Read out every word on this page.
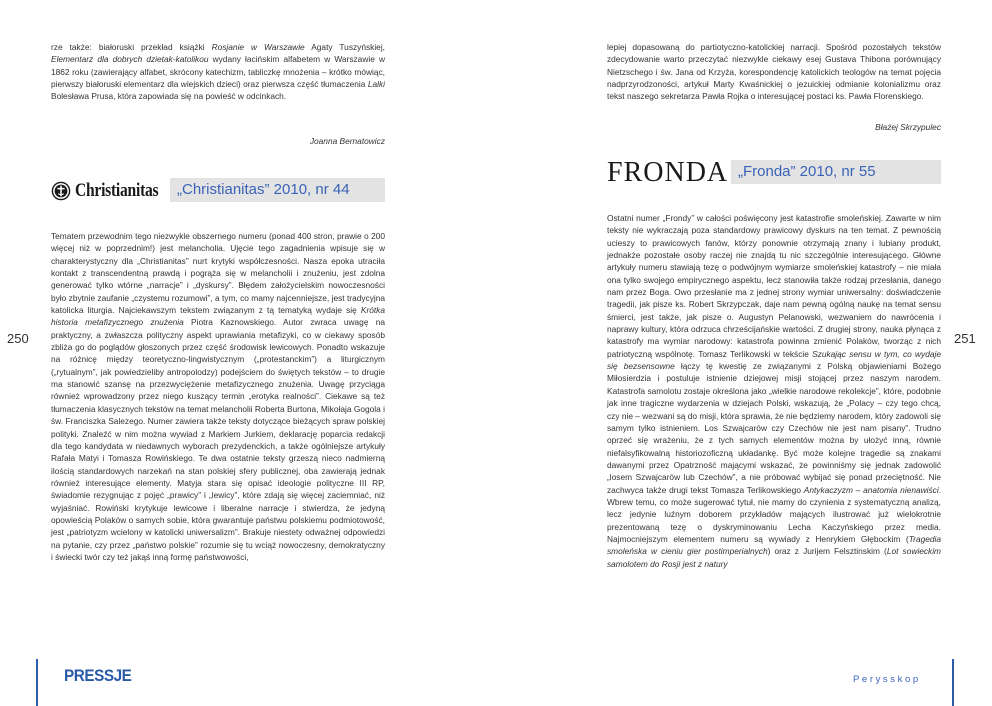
rze także: białoruski przekład książki Rosjanie w Warszawie Agaty Tuszyńskiej, Elementarz dla dobrych dzietak-katolikou wydany łacińskim alfabetem w Warszawie w 1862 roku (zawierający alfabet, skrócony katechizm, tabliczkę mnożenia – krótko mówiąc, pierwszy białoruski elementarz dla wiejskich dzieci) oraz pierwsza część tłumaczenia Lalki Bolesława Prusa, która zapowiada się na powieść w odcinkach.

Joanna Bernatowicz
Christianitas	„Christianitas” 2010, nr 44

Tematem przewodnim tego niezwykle obszernego numeru (ponad 400 stron, prawie o 200 więcej niż w poprzednim!) jest melancholia. Ujęcie tego zagadnienia wpisuje się w charakterystyczny dla „Christianitas” nurt krytyki współczesności. Nasza epoka utraciła kontakt z transcendentną prawdą i pogrąża się w melancholii i znużeniu, jest zdolna generować tylko wtórne „narracje” i „dyskursy”. Błędem założycielskim nowoczesności było zbytnie zaufanie „czystemu rozumowi”, a tym, co mamy najcenniejsze, jest tradycyjna katolicka liturgia. Najciekawszym tekstem związanym z tą tematyką wydaje się Krótka historia metafizycznego znużenia Piotra Kaznowskiego. Autor zwraca uwagę na praktyczny, a zwłaszcza polityczny aspekt uprawiania metafizyki, co w ciekawy sposób zbliża go do poglądów głoszonych przez część środowisk lewicowych. Ponadto wskazuje na różnicę między teoretyczno-lingwistycznym („protestanckim”) a liturgicznym („rytualnym”, jak powiedzieliby antropolodzy) podejściem do świętych tekstów – to drugie ma stanowić szansę na przezwyciężenie metafizycznego znużenia. Uwagę przyciąga również wprowadzony przez niego kuszący termin „erotyka realności”. Ciekawe są też tłumaczenia klasycznych tekstów na temat melancholii Roberta Burtona, Mikołaja Gogola i św. Franciszka Salezego. Numer zawiera także teksty dotyczące bieżących spraw polskiej polityki. Znaleźć w nim można wywiad z Markiem Jurkiem, deklarację poparcia redakcji dla tego kandydata w niedawnych wyborach prezydenckich, a także ogólniejsze artykuły Rafała Matyi i Tomasza Rowińskiego. Te dwa ostatnie teksty grzeszą nieco nadmierną ilością standardowych narzekań na stan polskiej sfery publicznej, oba zawierają jednak również interesujące elementy. Matyja stara się opisać ideologie polityczne III RP, świadomie rezygnując z pojęć „prawicy” i „lewicy”, które zdają się więcej zaciemniać, niż wyjaśniać. Rowiński krytykuje lewicowe i liberalne narracje i stwierdza, że jedyną opowieścią Polaków o samych sobie, która gwarantuje państwu polskiemu podmiotowość, jest „patriotyzm wcielony w katolicki uniwersalizm”. Brakuje niestety odważnej odpowiedzi na pytanie, czy przez „państwo polskie” rozumie się tu wciąż nowoczesny, demokratyczny i świecki twór czy też jakąś inną formę państwowości,

250
PRESSJE

lepiej dopasowaną do partiotyczno-katolickiej narracji. Spośród pozostałych tekstów zdecydowanie warto przeczytać niezwykle ciekawy esej Gustava Thibona porównujący Nietzschego i św. Jana od Krzyża, korespondencję katolickich teologów na temat pojęcia nadprzyrodzoności, artykuł Marty Kwaśnickiej o jezuickiej odmianie kolonializmu oraz tekst naszego sekretarza Pawła Rojka o interesującej postaci ks. Pawła Florenskiego.

Błażej Skrzypulec
FRONDA „Fronda” 2010, nr 55

Ostatni numer „Frondy” w całości poświęcony jest katastrofie smoleńskiej. Zawarte w nim teksty nie wykraczają poza standardowy prawicowy dyskurs na ten temat. Z pewnością ucieszy to prawicowych fanów, którzy ponownie otrzymają znany i lubiany produkt, jednakże pozostałe osoby raczej nie znajdą tu nic szczególnie interesującego. Główne artykuły numeru stawiają tezę o podwójnym wymiarze smoleńskiej katastrofy – nie miała ona tylko swojego empirycznego aspektu, lecz stanowiła także rodzaj przesłania, danego nam przez Boga. Owo przesłanie ma z jednej strony wymiar uniwersalny: doświadczenie tragedii, jak pisze ks. Robert Skrzypczak, daje nam pewną ogólną naukę na temat sensu śmierci, jest także, jak pisze o. Augustyn Pelanowski, wezwaniem do nawrócenia i naprawy kultury, która odrzuca chrześcijańskie wartości. Z drugiej strony, nauka płynąca z katastrofy ma wymiar narodowy: katastrofa powinna zmienić Polaków, tworząc z nich patriotyczną wspólnotę. Tomasz Terlikowski w tekście Szukając sensu w tym, co wydaje się bezsensowne łączy tę kwestię ze związanymi z Polską objawieniami Bożego Miłosierdzia i postuluje istnienie dziejowej misji stojącej przez naszym narodem. Katastrofa samolotu zostaje określona jako „wielkie narodowe rekolekcje”, które, podobnie jak inne tragiczne wydarzenia w dziejach Polski, wskazują, że „Polacy – czy tego chcą, czy nie – wezwani są do misji, która sprawia, że nie będziemy narodem, który zadowoli się samym tylko istnieniem. Los Szwajcarów czy Czechów nie jest nam pisany”. Trudno oprzeć się wrażeniu, że z tych samych elementów można by ułożyć inną, równie niefalsyfikowalną historiozoficzną układankę. Być może kolejne tragedie są znakami dawanymi przez Opatrzność mającymi wskazać, że powinniśmy się jednak zadowolić „losem Szwajcarów lub Czechów”, a nie próbować wybijać się ponad przeciętność. Nie zachwyca także drugi tekst Tomasza Terlikowskiego Antykaczyzm – anatomia nienawiści. Wbrew temu, co może sugerować tytuł, nie mamy do czynienia z systematyczną analizą, lecz jedynie luźnym doborem przykładów mających ilustrować już wielokrotnie prezentowaną tezę o dyskryminowaniu Lecha Kaczyńskiego przez media. Najmocniejszym elementem numeru są wywiady z Henrykiem Głębockim (Tragedia smoleńska w cieniu gier postimperialnych) oraz z Jurijem Felsztinskim (Lot sowieckim samolotem do Rosji jest z natury

251
Perysskop
